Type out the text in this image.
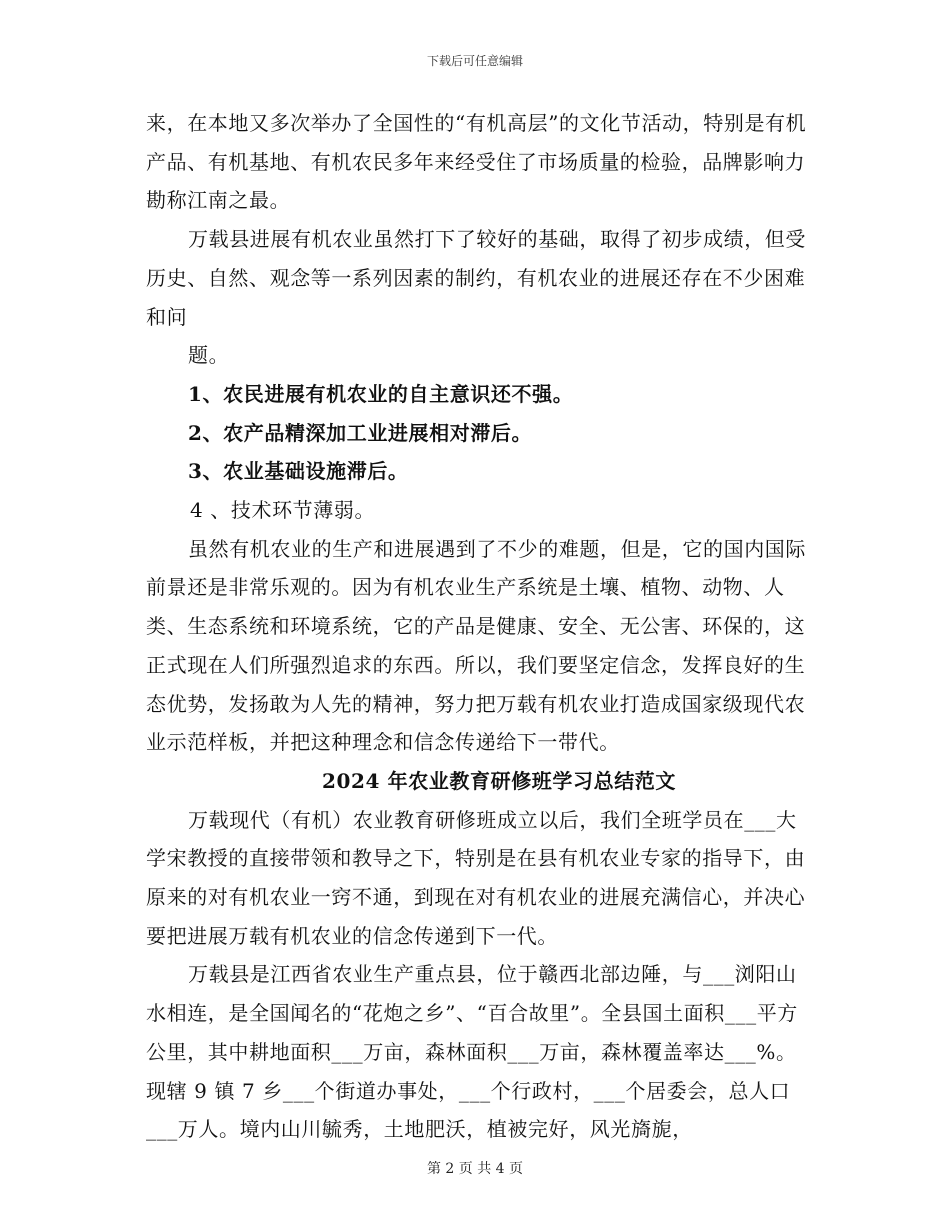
下载后可任意编辑

来，在本地又多次举办了全国性的“有机高层”的文化节活动，特别是有机产品、有机基地、有机农民多年来经受住了市场质量的检验，品牌影响力勘称江南之最。

万载县进展有机农业虽然打下了较好的基础，取得了初步成绩，但受历史、自然、观念等一系列因素的制约，有机农业的进展还存在不少困难和问

题。

1、农民进展有机农业的自主意识还不强。

2、农产品精深加工业进展相对滞后。

3、农业基础设施滞后。

4 、技术环节薄弱。

虽然有机农业的生产和进展遇到了不少的难题，但是，它的国内国际前景还是非常乐观的。因为有机农业生产系统是土壤、植物、动物、人类、生态系统和环境系统，它的产品是健康、安全、无公害、环保的，这正式现在人们所强烈追求的东西。所以，我们要坚定信念，发挥良好的生态优势，发扬敢为人先的精神，努力把万载有机农业打造成国家级现代农业示范样板，并把这种理念和信念传递给下一带代。

2024 年农业教育研修班学习总结范文

万载现代（有机）农业教育研修班成立以后，我们全班学员在___大学宋教授的直接带领和教导之下，特别是在县有机农业专家的指导下，由原来的对有机农业一窍不通，到现在对有机农业的进展充满信心，并决心要把进展万载有机农业的信念传递到下一代。

万载县是江西省农业生产重点县，位于赣西北部边陲，与___浏阳山水相连，是全国闻名的“花炮之乡”、“百合故里”。全县国土面积___平方公里，其中耕地面积___万亩，森林面积___万亩，森林覆盖率达___%。现辖 9 镇 7 乡___个街道办事处，___个行政村，___个居委会，总人口___万人。境内山川毓秀，土地肥沃，植被完好，风光旖旎，

第 2 页 共 4 页
